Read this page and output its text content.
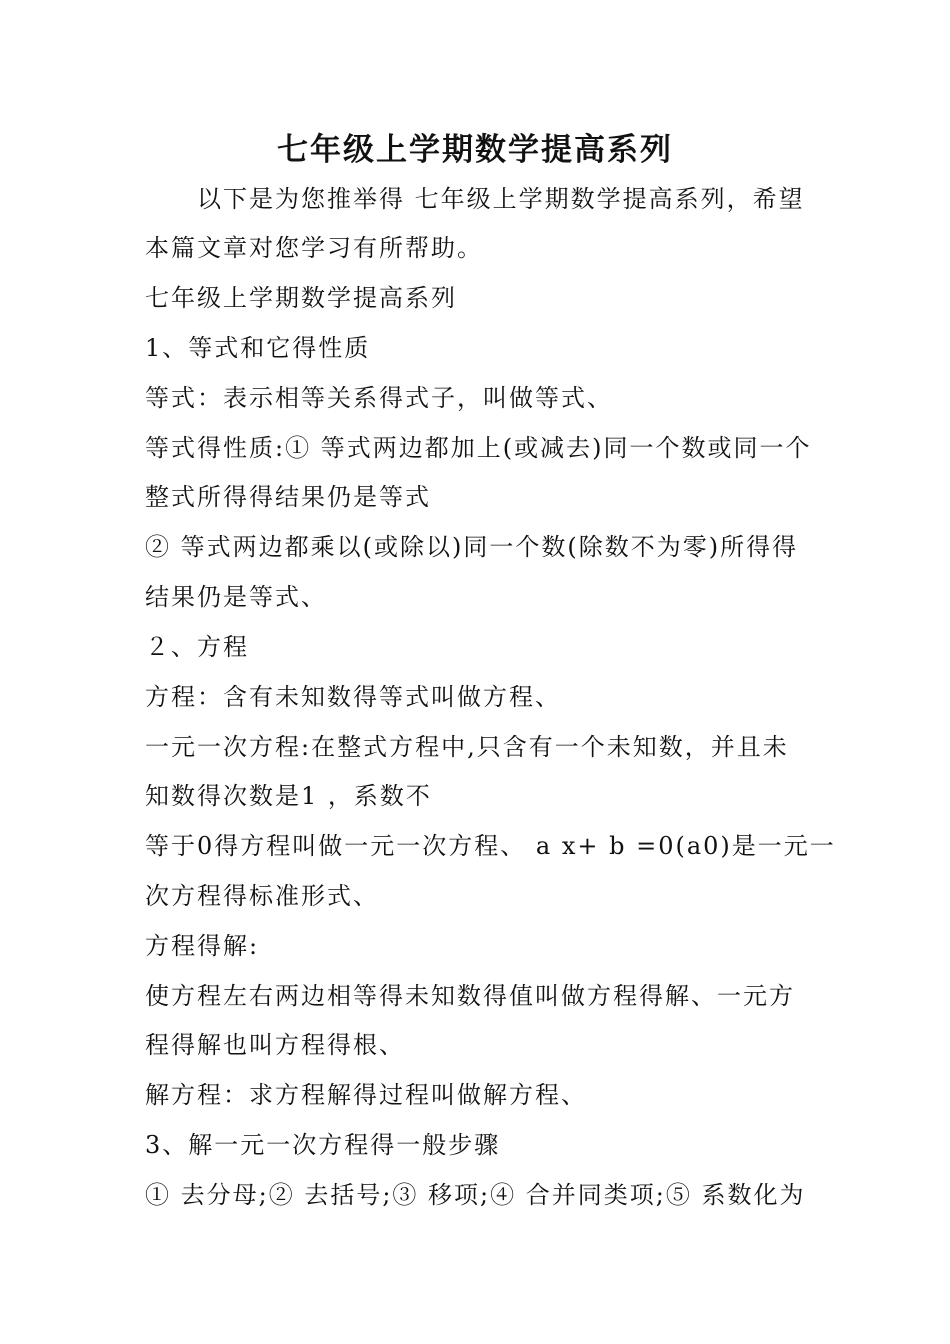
七年级上学期数学提高系列
　　以下是为您推举得 七年级上学期数学提高系列，希望
本篇文章对您学习有所帮助。
七年级上学期数学提高系列
1、等式和它得性质
等式：表示相等关系得式子，叫做等式、
等式得性质:① 等式两边都加上(或减去)同一个数或同一个
整式所得得结果仍是等式
② 等式两边都乘以(或除以)同一个数(除数不为零)所得得
结果仍是等式、
２、方程
方程：含有未知数得等式叫做方程、
一元一次方程:在整式方程中,只含有一个未知数，并且未
知数得次数是1 ，系数不
等于0得方程叫做一元一次方程、 a x+ b =0(a0)是一元一
次方程得标准形式、
方程得解:
使方程左右两边相等得未知数得值叫做方程得解、一元方
程得解也叫方程得根、
解方程：求方程解得过程叫做解方程、
3、解一元一次方程得一般步骤
① 去分母;② 去括号;③ 移项;④ 合并同类项;⑤ 系数化为
